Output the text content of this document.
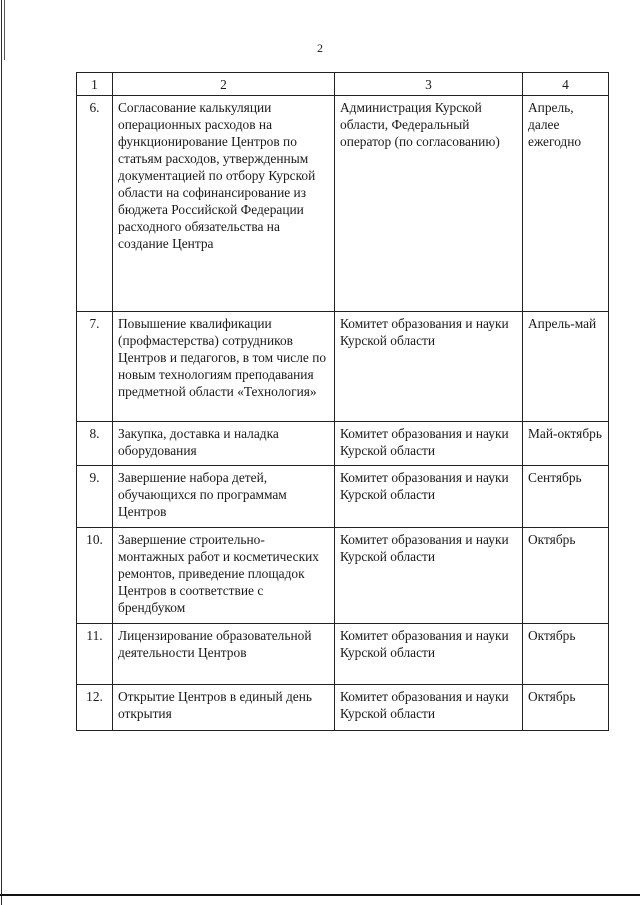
2
1	2	3	4
6.	Согласование калькуляции операционных расходов на функционирование Центров по статьям расходов, утвержденным документацией по отбору Курской области на софинансирование из бюджета Российской Федерации расходного обязательства на создание Центра	Администрация Курской области, Федеральный оператор (по согласованию)	Апрель, далее ежегодно
7.	Повышение квалификации (профмастерства) сотрудников Центров и педагогов, в том числе по новым технологиям преподавания предметной области «Технология»	Комитет образования и науки Курской области	Апрель-май
8.	Закупка, доставка и наладка оборудования	Комитет образования и науки Курской области	Май-октябрь
9.	Завершение набора детей, обучающихся по программам Центров	Комитет образования и науки Курской области	Сентябрь
10.	Завершение строительно-монтажных работ и косметических ремонтов, приведение площадок Центров в соответствие с брендбуком	Комитет образования и науки Курской области	Октябрь
11.	Лицензирование образовательной деятельности Центров	Комитет образования и науки Курской области	Октябрь
12.	Открытие Центров в единый день открытия	Комитет образования и науки Курской области	Октябрь
